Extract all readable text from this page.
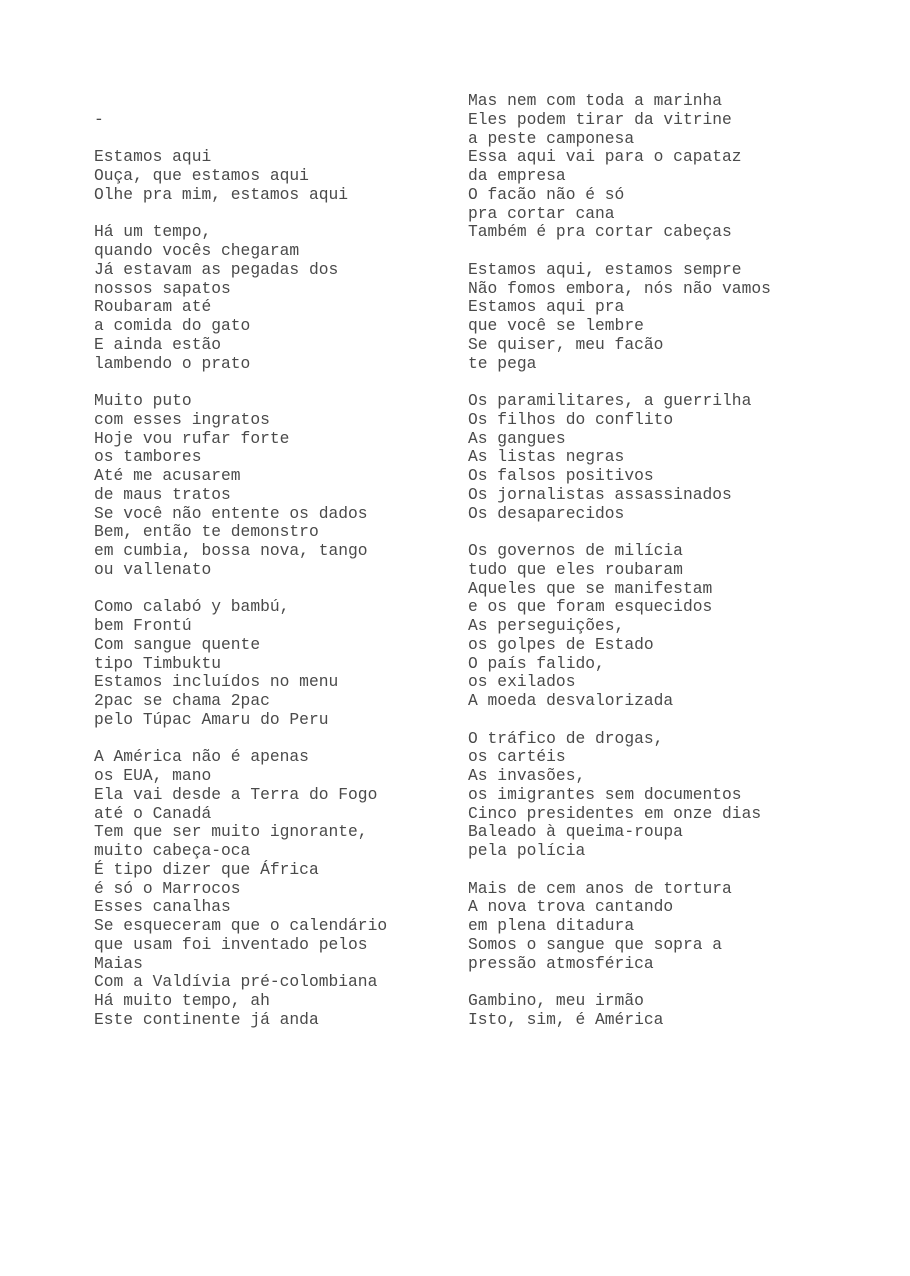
-
Estamos aqui
Ouça, que estamos aqui
Olhe pra mim, estamos aqui
Há um tempo,
quando vocês chegaram
Já estavam as pegadas dos
nossos sapatos
Roubaram até
a comida do gato
E ainda estão
lambendo o prato
Muito puto
com esses ingratos
Hoje vou rufar forte
os tambores
Até me acusarem
de maus tratos
Se você não entente os dados
Bem, então te demonstro
em cumbia, bossa nova, tango
ou vallenato
Como calabó y bambú,
bem Frontú
Com sangue quente
tipo Timbuktu
Estamos incluídos no menu
2pac se chama 2pac
pelo Túpac Amaru do Peru
A América não é apenas
os EUA, mano
Ela vai desde a Terra do Fogo
até o Canadá
Tem que ser muito ignorante,
muito cabeça-oca
É tipo dizer que África
é só o Marrocos
Esses canalhas
Se esqueceram que o calendário
que usam foi inventado pelos
Maias
Com a Valdívia pré-colombiana
Há muito tempo, ah
Este continente já anda
Mas nem com toda a marinha
Eles podem tirar da vitrine
a peste camponesa
Essa aqui vai para o capataz
da empresa
O facão não é só
pra cortar cana
Também é pra cortar cabeças
Estamos aqui, estamos sempre
Não fomos embora, nós não vamos
Estamos aqui pra
que você se lembre
Se quiser, meu facão
te pega
Os paramilitares, a guerrilha
Os filhos do conflito
As gangues
As listas negras
Os falsos positivos
Os jornalistas assassinados
Os desaparecidos
Os governos de milícia
tudo que eles roubaram
Aqueles que se manifestam
e os que foram esquecidos
As perseguições,
os golpes de Estado
O país falido,
os exilados
A moeda desvalorizada
O tráfico de drogas,
os cartéis
As invasões,
os imigrantes sem documentos
Cinco presidentes em onze dias
Baleado à queima-roupa
pela polícia
Mais de cem anos de tortura
A nova trova cantando
em plena ditadura
Somos o sangue que sopra a
pressão atmosférica
Gambino, meu irmão
Isto, sim, é América
